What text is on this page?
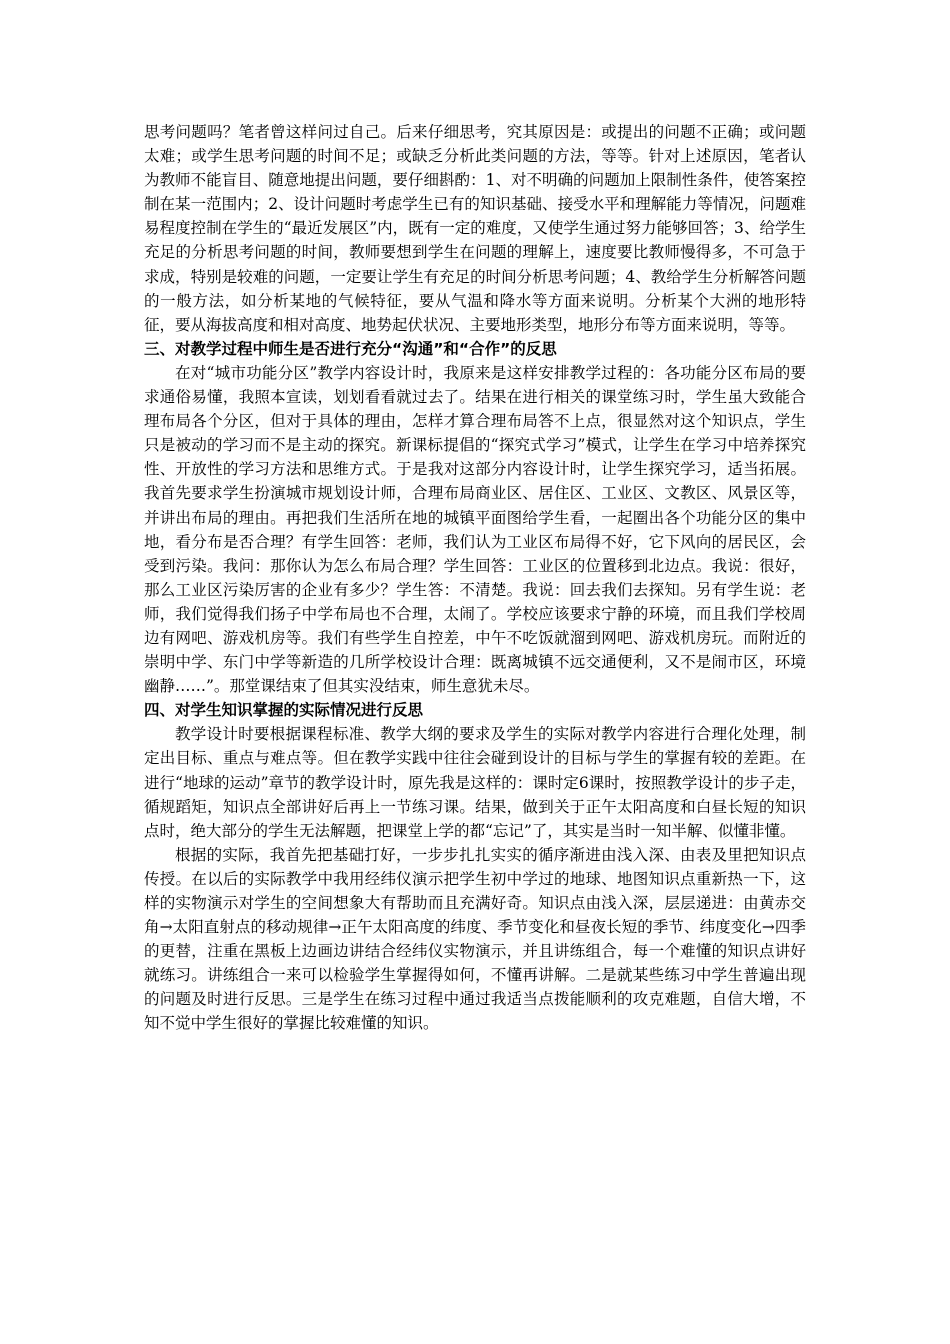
思考问题吗？笔者曾这样问过自己。后来仔细思考，究其原因是：或提出的问题不正确；或问题太难；或学生思考问题的时间不足；或缺乏分析此类问题的方法，等等。针对上述原因，笔者认为教师不能盲目、随意地提出问题，要仔细斟酌：1、对不明确的问题加上限制性条件，使答案控制在某一范围内；2、设计问题时考虑学生已有的知识基础、接受水平和理解能力等情况，问题难易程度控制在学生的“最近发展区”内，既有一定的难度，又使学生通过努力能够回答；3、给学生充足的分析思考问题的时间，教师要想到学生在问题的理解上，速度要比教师慢得多，不可急于求成，特别是较难的问题，一定要让学生有充足的时间分析思考问题；4、教给学生分析解答问题的一般方法，如分析某地的气候特征，要从气温和降水等方面来说明。分析某个大洲的地形特征，要从海拔高度和相对高度、地势起伏状况、主要地形类型，地形分布等方面来说明，等等。

三、对教学过程中师生是否进行充分“沟通”和“合作”的反思

在对“城市功能分区”教学内容设计时，我原来是这样安排教学过程的：各功能分区布局的要求通俗易懂，我照本宣读，划划看看就过去了。结果在进行相关的课堂练习时，学生虽大致能合理布局各个分区，但对于具体的理由，怎样才算合理布局答不上点，很显然对这个知识点，学生只是被动的学习而不是主动的探究。新课标提倡的“探究式学习”模式，让学生在学习中培养探究性、开放性的学习方法和思维方式。于是我对这部分内容设计时，让学生探究学习，适当拓展。我首先要求学生扮演城市规划设计师，合理布局商业区、居住区、工业区、文教区、风景区等，并讲出布局的理由。再把我们生活所在地的城镇平面图给学生看，一起圈出各个功能分区的集中地，看分布是否合理？有学生回答：老师，我们认为工业区布局得不好，它下风向的居民区，会受到污染。我问：那你认为怎么布局合理？学生回答：工业区的位置移到北边点。我说：很好，那么工业区污染厉害的企业有多少？学生答：不清楚。我说：回去我们去探知。另有学生说：老师，我们觉得我们扬子中学布局也不合理，太闹了。学校应该要求宁静的环境，而且我们学校周边有网吧、游戏机房等。我们有些学生自控差，中午不吃饭就溜到网吧、游戏机房玩。而附近的崇明中学、东门中学等新造的几所学校设计合理：既离城镇不远交通便利，又不是闹市区，环境幽静……”。那堂课结束了但其实没结束，师生意犹未尽。

四、对学生知识掌握的实际情况进行反思

教学设计时要根据课程标准、教学大纲的要求及学生的实际对教学内容进行合理化处理，制定出目标、重点与难点等。但在教学实践中往往会碰到设计的目标与学生的掌握有较的差距。在进行“地球的运动”章节的教学设计时，原先我是这样的：课时定6课时，按照教学设计的步子走，循规蹈矩，知识点全部讲好后再上一节练习课。结果，做到关于正午太阳高度和白昼长短的知识点时，绝大部分的学生无法解题，把课堂上学的都“忘记”了，其实是当时一知半解、似懂非懂。

根据的实际，我首先把基础打好，一步步扎扎实实的循序渐进由浅入深、由表及里把知识点传授。在以后的实际教学中我用经纬仪演示把学生初中学过的地球、地图知识点重新热一下，这样的实物演示对学生的空间想象大有帮助而且充满好奇。知识点由浅入深，层层递进：由黄赤交角→太阳直射点的移动规律→正午太阳高度的纬度、季节变化和昼夜长短的季节、纬度变化→四季的更替，注重在黑板上边画边讲结合经纬仪实物演示，并且讲练组合，每一个难懂的知识点讲好就练习。讲练组合一来可以检验学生掌握得如何，不懂再讲解。二是就某些练习中学生普遍出现的问题及时进行反思。三是学生在练习过程中通过我适当点拨能顺利的攻克难题，自信大增，不知不觉中学生很好的掌握比较难懂的知识。
